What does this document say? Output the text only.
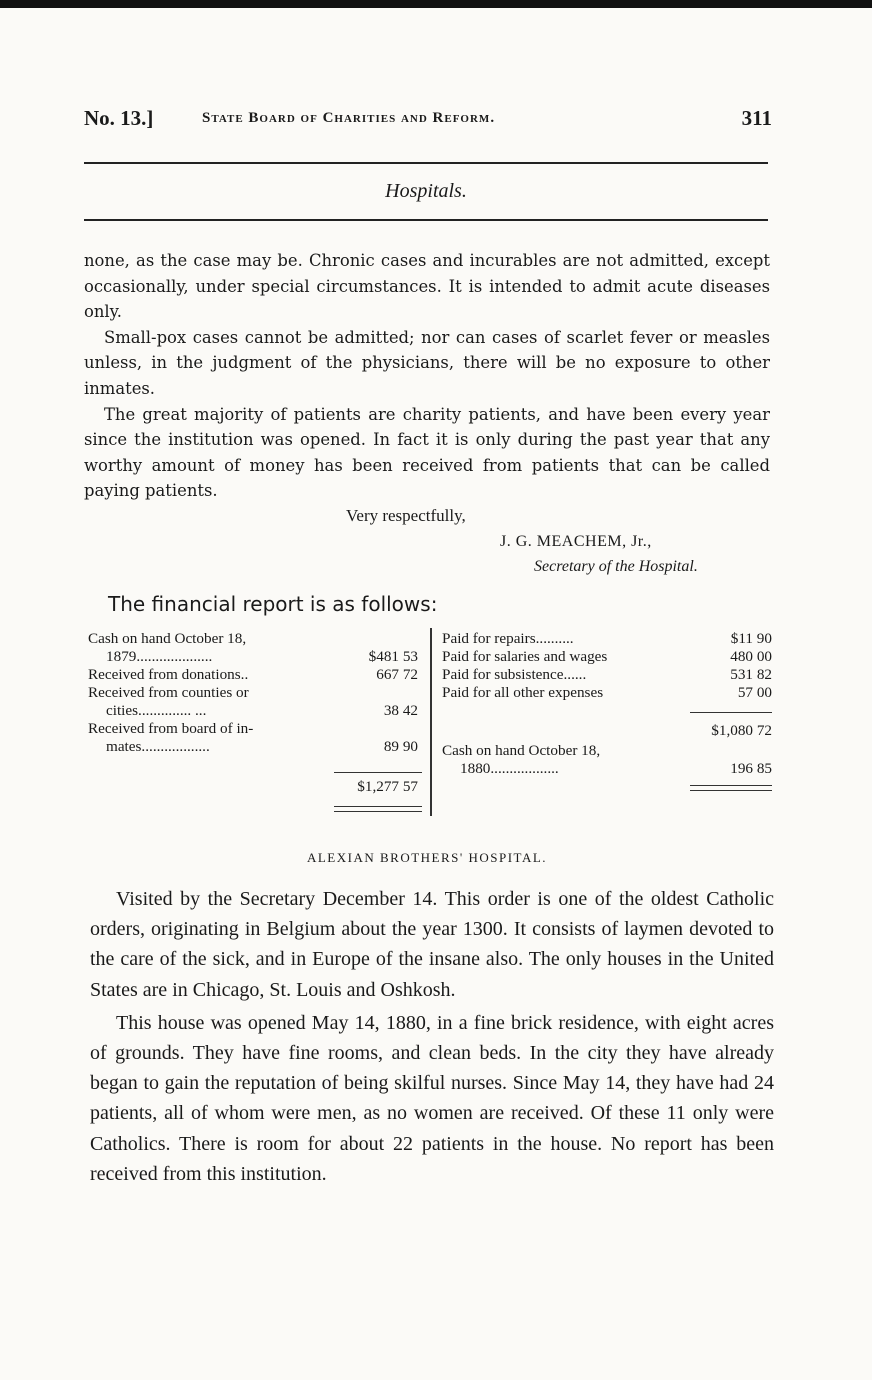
No. 13.]	State Board of Charities and Reform.	311
Hospitals.

none, as the case may be. Chronic cases and incurables are not admitted, except occasionally, under special circumstances. It is intended to admit acute diseases only.

Small-pox cases cannot be admitted; nor can cases of scarlet fever or measles unless, in the judgment of the physicians, there will be no exposure to other inmates.

The great majority of patients are charity patients, and have been every year since the institution was opened. In fact it is only during the past year that any worthy amount of money has been received from patients that can be called paying patients.

Very respectfully,
J. G. MEACHEM, Jr.,
Secretary of the Hospital.
The financial report is as follows:
Cash on hand October 18,
1879....................	$481 53
Received from donations..	667 72
Received from counties or
cities.............. ...	38 42
Received from board of in-
mates..................	89 90
$1,277 57
Paid for repairs..........	$11 90
Paid for salaries and wages	480 00
Paid for subsistence......	531 82
Paid for all other expenses	57 00
$1,080 72
Cash on hand October 18,
1880..................	196 85
ALEXIAN BROTHERS' HOSPITAL.

Visited by the Secretary December 14. This order is one of the oldest Catholic orders, originating in Belgium about the year 1300. It consists of laymen devoted to the care of the sick, and in Europe of the insane also. The only houses in the United States are in Chicago, St. Louis and Oshkosh.

This house was opened May 14, 1880, in a fine brick residence, with eight acres of grounds. They have fine rooms, and clean beds. In the city they have already began to gain the reputation of being skilful nurses. Since May 14, they have had 24 patients, all of whom were men, as no women are received. Of these 11 only were Catholics. There is room for about 22 patients in the house. No report has been received from this institution.
